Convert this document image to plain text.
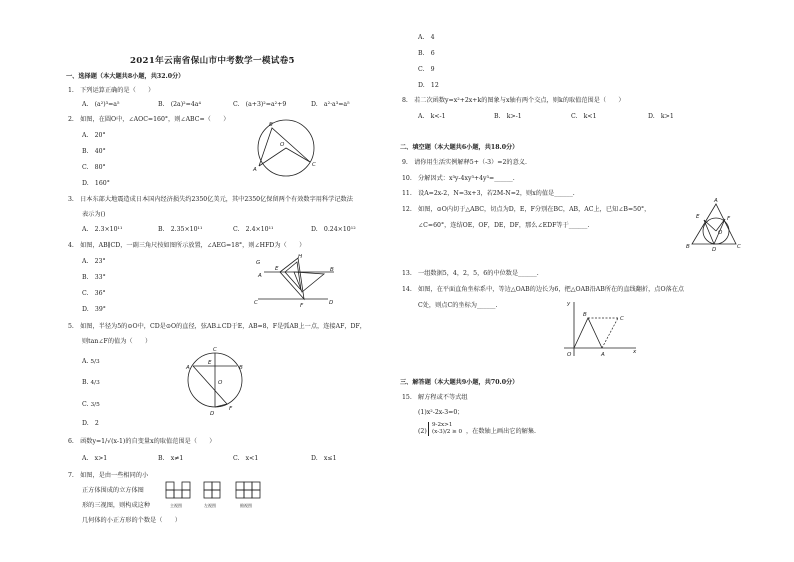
2021年云南省保山市中考数学一模试卷5
一、选择题（本大题共8小题，共32.0分）
1.　下列运算正确的是（　　）
A.　(a²)³=a⁵	B.　(2a)²=4a⁴	C.　(a+3)²=a²+9	D.　a²·a³=a⁵
2.　如图，在圆O中，∠AOC=160°，则∠ABC=（　　）
A.　20°
B.　40°
C.　80°
D.　160°
B
A
O
C
3.　日本东部大地震造成日本国内经济损失约2350亿美元，其中2350亿保留两个有效数字用科学记数法
表示为()
A.　2.3×10¹¹	B.　2.35×10¹¹	C.　2.4×10¹¹	D.　0.24×10¹²
4.　如图，AB∥CD，一副三角尺按如图所示放置，∠AEG=18°，则∠HFD为（　　）
A.　23°
B.　33°
C.　36°
D.　39°
G
A
E
H
B
C	F	D
5.　如图，半径为5的⊙O中，CD是⊙O的直径，弦AB⊥CD于E，AB=8，F是弧AB上一点，连接AF，DF，
则tan∠F的值为（　　）
A. 5/3
B. 4/3
C. 3/5
D.　2
C
A
E
B
O
D
F
6.　函数y=1/√(x-1)的自变量x的取值范围是（　　）
A.　x>1	B.　x≠1	C.　x<1	D.　x≤1
7.　如图，是由一些相同的小
正方体围成的立方体图
形的三视图，则构成这种
几何体的小正方形的个数是（　　）
主视图	左视图	俯视图
A.　4
B.　6
C.　9
D.　12
8.　若二次函数y=x²+2x+k的图象与x轴有两个交点，则k的取值范围是（　　）
A.　k<-1	B.　k>-1	C.　k<1	D.　k>1
二、填空题（本大题共6小题，共18.0分）
9.　请你用生活实例解释5+（-3）=2的意义.
10.　分解因式：x³y-4xy³+4y³=______.
11.　设A=2x-2，N=3x+3，若2M-N=2，则x的值是______.
12.　如图，⊙O内切于△ABC，切点为D，E，F分别在BC，AB，AC上，已知∠B=50°，
∠C=60°，连结OE，OF，DE，DF，那么∠EDF等于______.
A
E	F
B	D	C
O
13.　一组数据5，4，2，5，6的中位数是______.
14.　如图，在平面直角坐标系中，等边△OAB的边长为6，把△OAB沿AB所在的直线翻折，点O落在点
C处，则点C的坐标为______.	y
B
C
O	A	x
三、解答题（本大题共9小题，共70.0分）
15.　解方程或不等式组
(1)x²-2x-3=0；
(2)
9-2x>1
(x-3)/2 ≥ 0 ，在数轴上画出它的解集.
